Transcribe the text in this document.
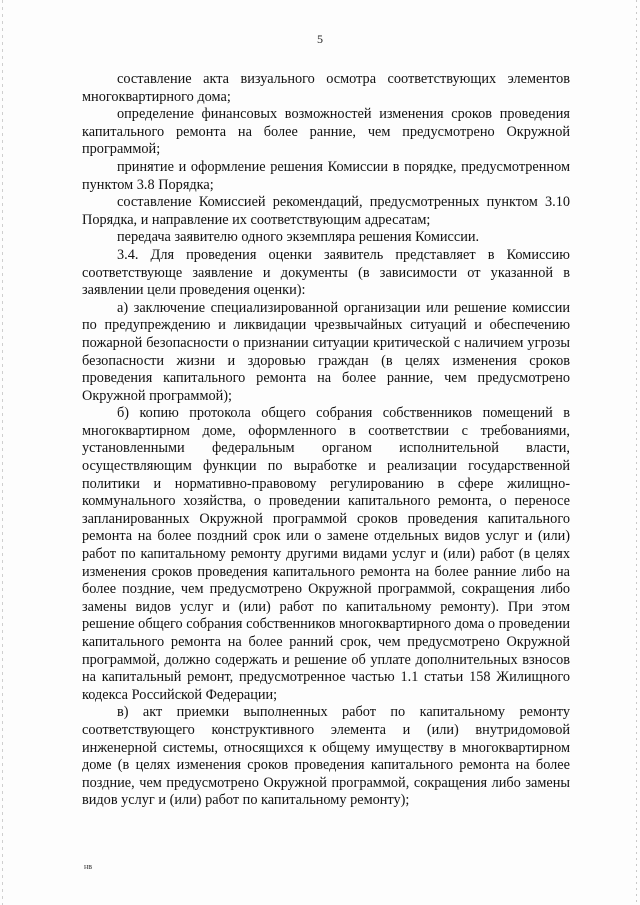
5

составление акта визуального осмотра соответствующих элементов многоквартирного дома;

определение финансовых возможностей изменения сроков проведения капитального ремонта на более ранние, чем предусмотрено Окружной программой;

принятие и оформление решения Комиссии в порядке, предусмотренном пунктом 3.8 Порядка;

составление Комиссией рекомендаций, предусмотренных пунктом 3.10 Порядка, и направление их соответствующим адресатам;

передача заявителю одного экземпляра решения Комиссии.

3.4. Для проведения оценки заявитель представляет в Комиссию соответствующе заявление и документы (в зависимости от указанной в заявлении цели проведения оценки):

а) заключение специализированной организации или решение комиссии по предупреждению и ликвидации чрезвычайных ситуаций и обеспечению пожарной безопасности о признании ситуации критической с наличием угрозы безопасности жизни и здоровью граждан (в целях изменения сроков проведения капитального ремонта на более ранние, чем предусмотрено Окружной программой);

б) копию протокола общего собрания собственников помещений в многоквартирном доме, оформленного в соответствии с требованиями, установленными федеральным органом исполнительной власти, осуществляющим функции по выработке и реализации государственной политики и нормативно-правовому регулированию в сфере жилищно-коммунального хозяйства, о проведении капитального ремонта, о переносе запланированных Окружной программой сроков проведения капитального ремонта на более поздний срок или о замене отдельных видов услуг и (или) работ по капитальному ремонту другими видами услуг и (или) работ (в целях изменения сроков проведения капитального ремонта на более ранние либо на более поздние, чем предусмотрено Окружной программой, сокращения либо замены видов услуг и (или) работ по капитальному ремонту). При этом решение общего собрания собственников многоквартирного дома о проведении капитального ремонта на более ранний срок, чем предусмотрено Окружной программой, должно содержать и решение об уплате дополнительных взносов на капитальный ремонт, предусмотренное частью 1.1 статьи 158 Жилищного кодекса Российской Федерации;

в) акт приемки выполненных работ по капитальному ремонту соответствующего конструктивного элемента и (или) внутридомовой инженерной системы, относящихся к общему имуществу в многоквартирном доме (в целях изменения сроков проведения капитального ремонта на более поздние, чем предусмотрено Окружной программой, сокращения либо замены видов услуг и (или) работ по капитальному ремонту);

нв
